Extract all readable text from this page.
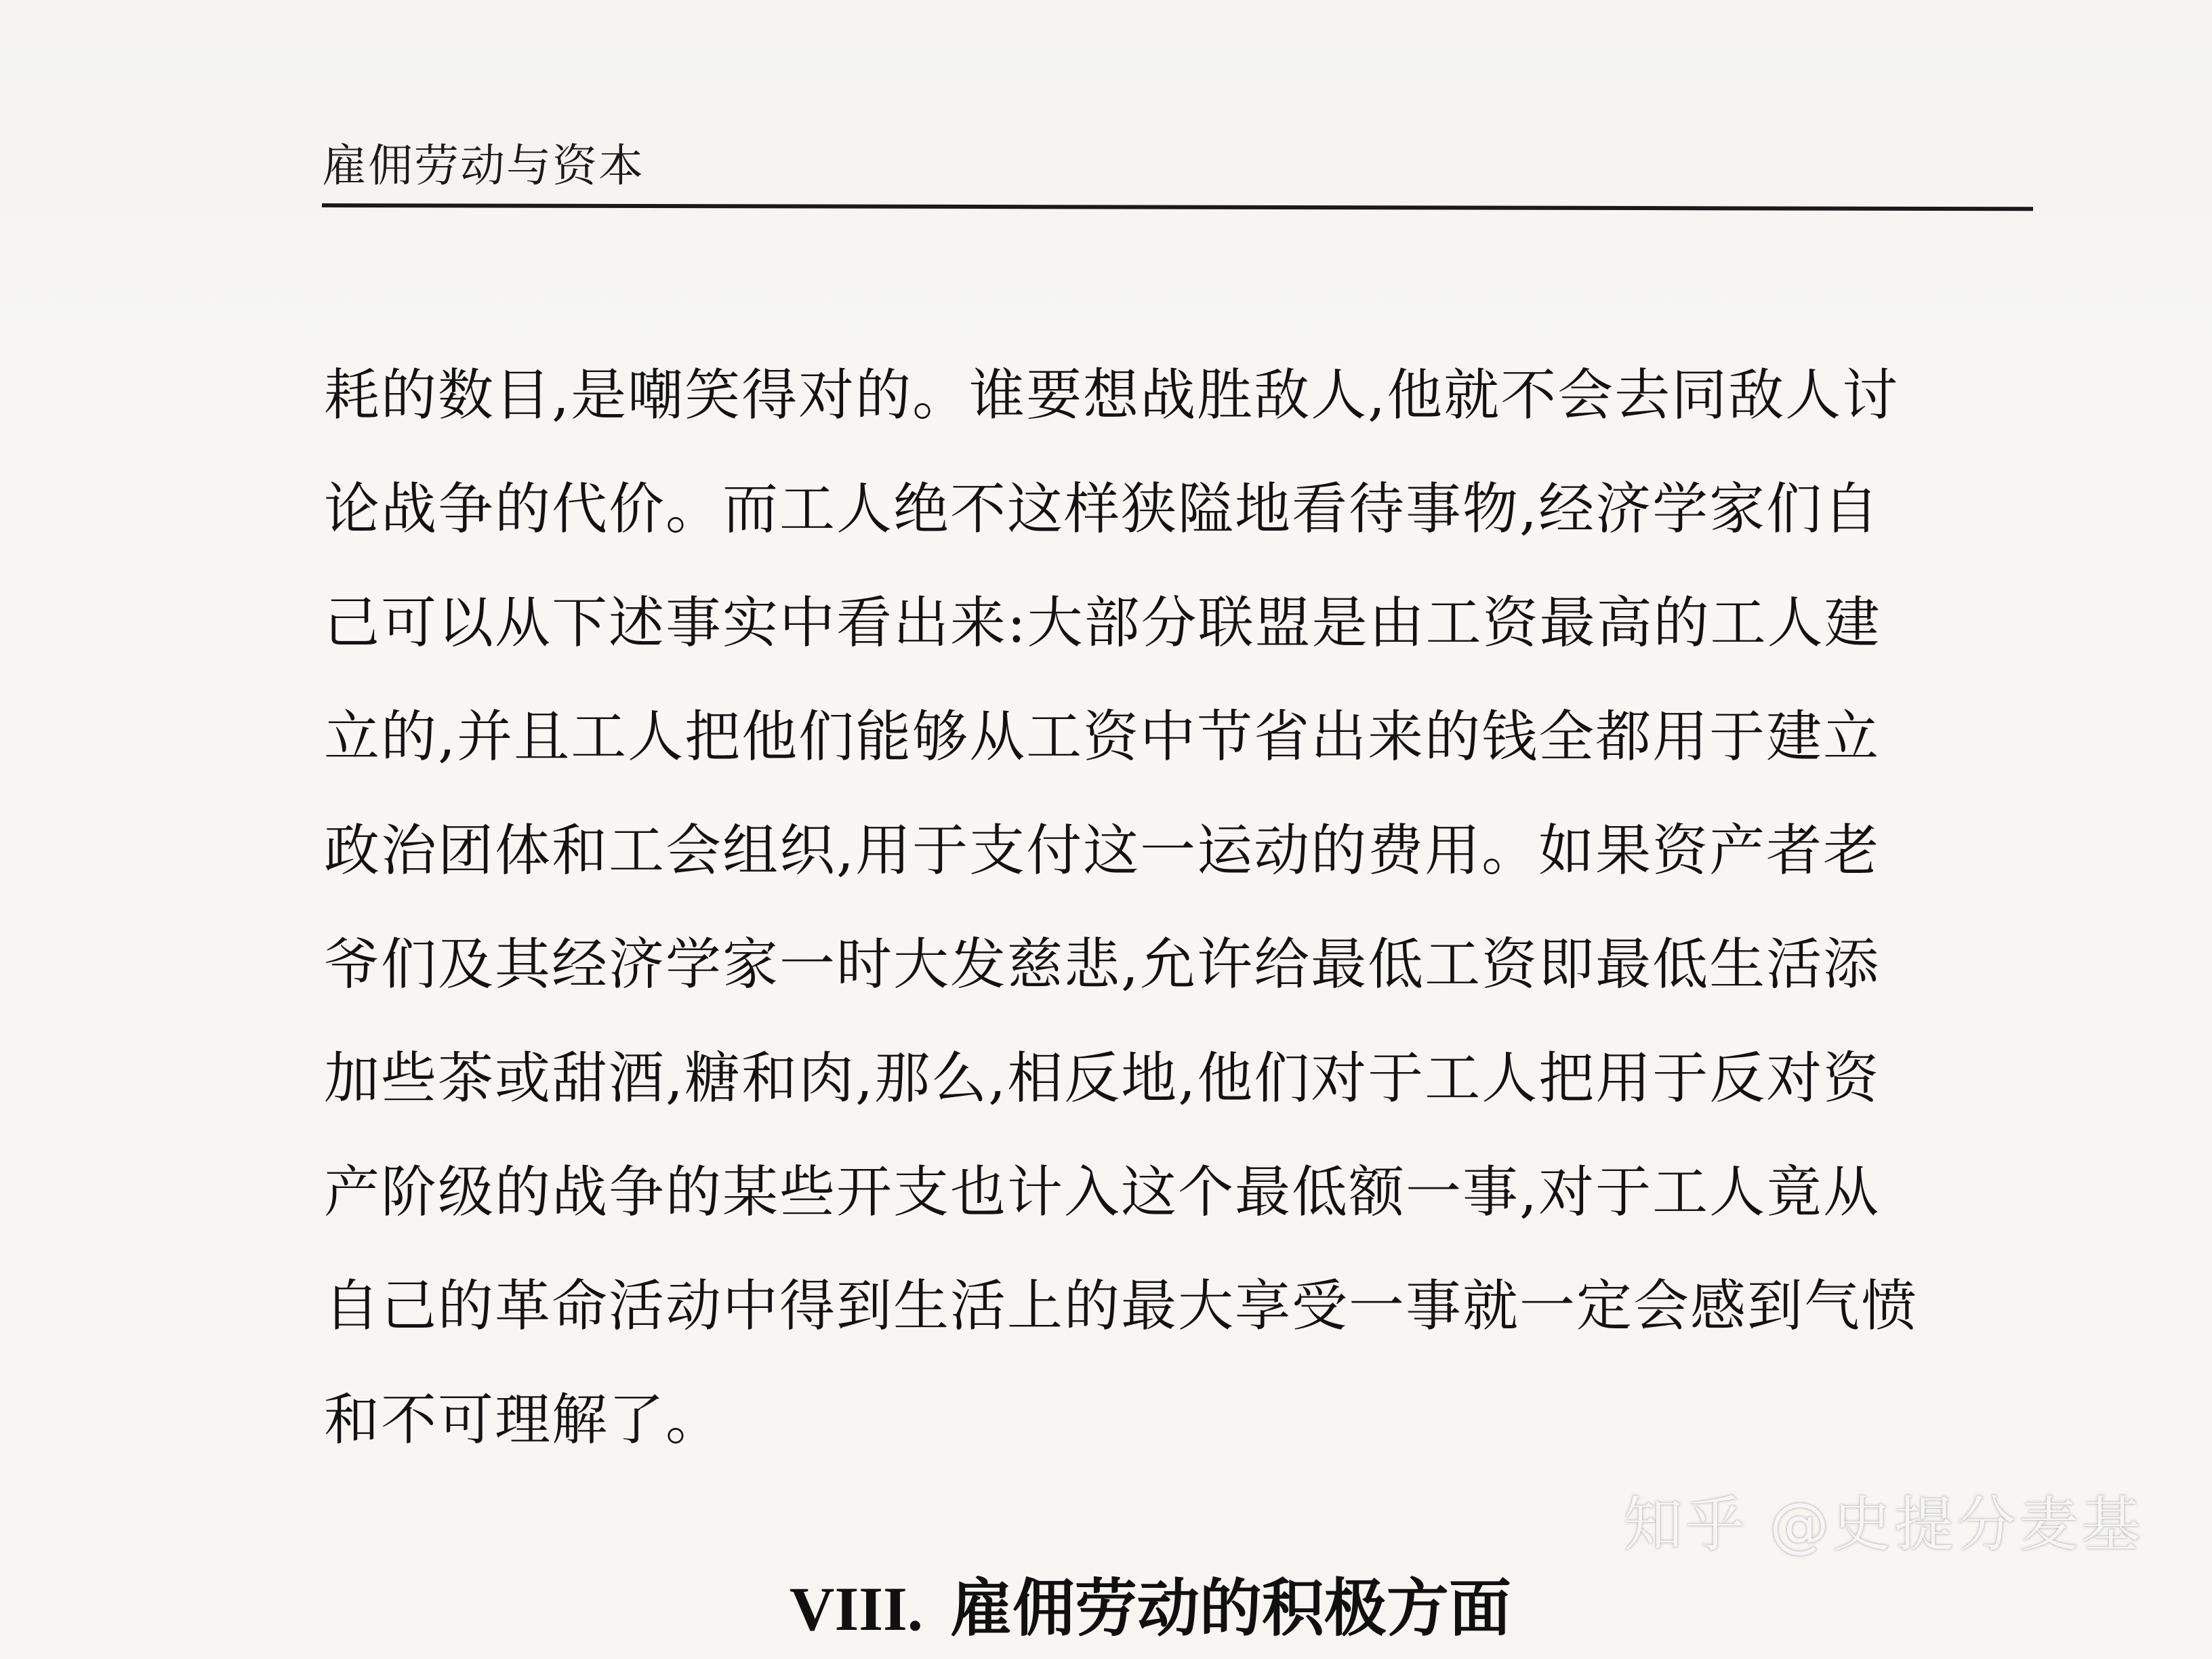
雇佣劳动与资本
耗的数目,是嘲笑得对的。谁要想战胜敌人,他就不会去同敌人讨
论战争的代价。而工人绝不这样狭隘地看待事物,经济学家们自
己可以从下述事实中看出来:大部分联盟是由工资最高的工人建
立的,并且工人把他们能够从工资中节省出来的钱全都用于建立
政治团体和工会组织,用于支付这一运动的费用。如果资产者老
爷们及其经济学家一时大发慈悲,允许给最低工资即最低生活添
加些茶或甜酒,糖和肉,那么,相反地,他们对于工人把用于反对资
产阶级的战争的某些开支也计入这个最低额一事,对于工人竟从
自己的革命活动中得到生活上的最大享受一事就一定会感到气愤
和不可理解了。
知乎 @史提分麦基
VIII. 雇佣劳动的积极方面
